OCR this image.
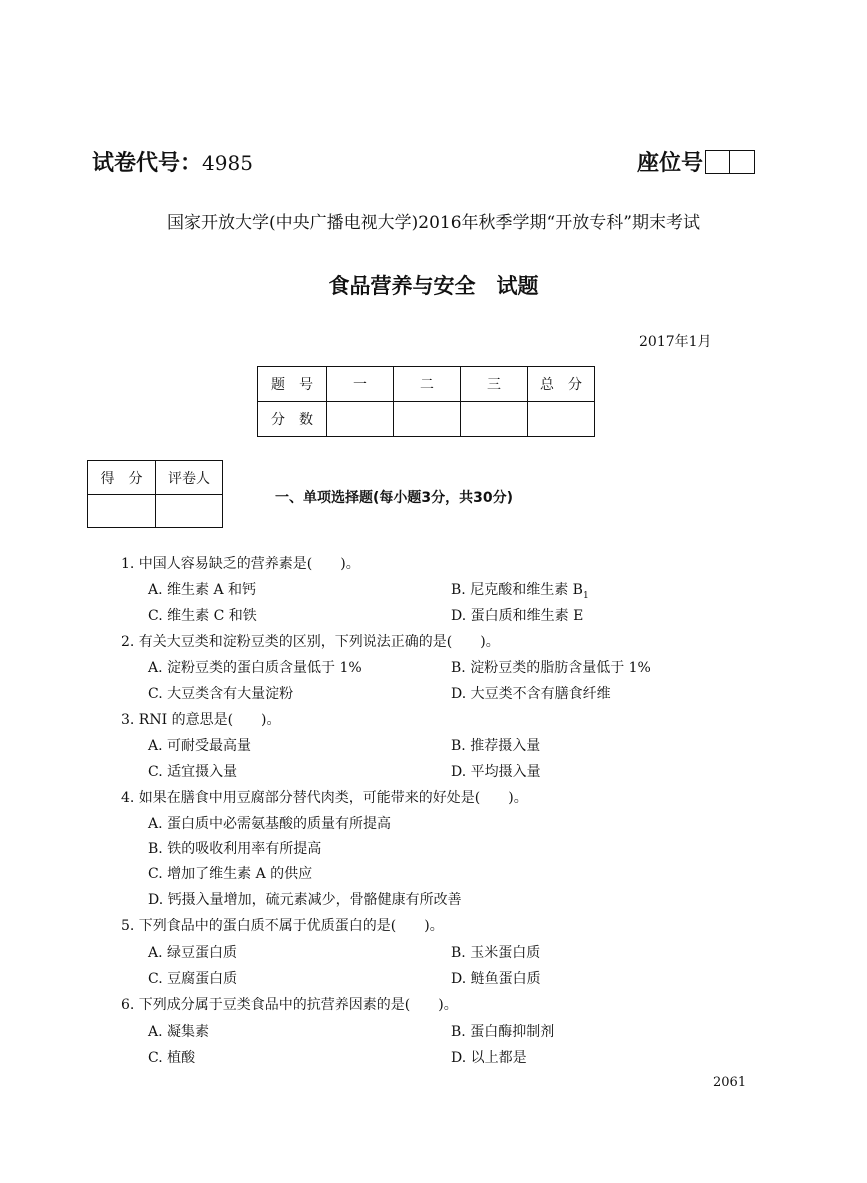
试卷代号：4985	座位号
国家开放大学(中央广播电视大学)2016年秋季学期“开放专科”期末考试
食品营养与安全　试题
2017年1月
题　号	一	二	三	总　分
分　数				
得　分	评卷人

一、单项选择题(每小题3分，共30分)
1. 中国人容易缺乏的营养素是(　　)。
A. 维生素 A 和钙	B. 尼克酸和维生素 $B_1$
C. 维生素 C 和铁	D. 蛋白质和维生素 E
2. 有关大豆类和淀粉豆类的区别，下列说法正确的是(　　)。
A. 淀粉豆类的蛋白质含量低于 1%	B. 淀粉豆类的脂肪含量低于 1%
C. 大豆类含有大量淀粉	D. 大豆类不含有膳食纤维
3. RNI 的意思是(　　)。
A. 可耐受最高量	B. 推荐摄入量
C. 适宜摄入量	D. 平均摄入量
4. 如果在膳食中用豆腐部分替代肉类，可能带来的好处是(　　)。
A. 蛋白质中必需氨基酸的质量有所提高
B. 铁的吸收利用率有所提高
C. 增加了维生素 A 的供应
D. 钙摄入量增加，硫元素减少，骨骼健康有所改善
5. 下列食品中的蛋白质不属于优质蛋白的是(　　)。
A. 绿豆蛋白质	B. 玉米蛋白质
C. 豆腐蛋白质	D. 鲢鱼蛋白质
6. 下列成分属于豆类食品中的抗营养因素的是(　　)。
A. 凝集素	B. 蛋白酶抑制剂
C. 植酸	D. 以上都是
2061
